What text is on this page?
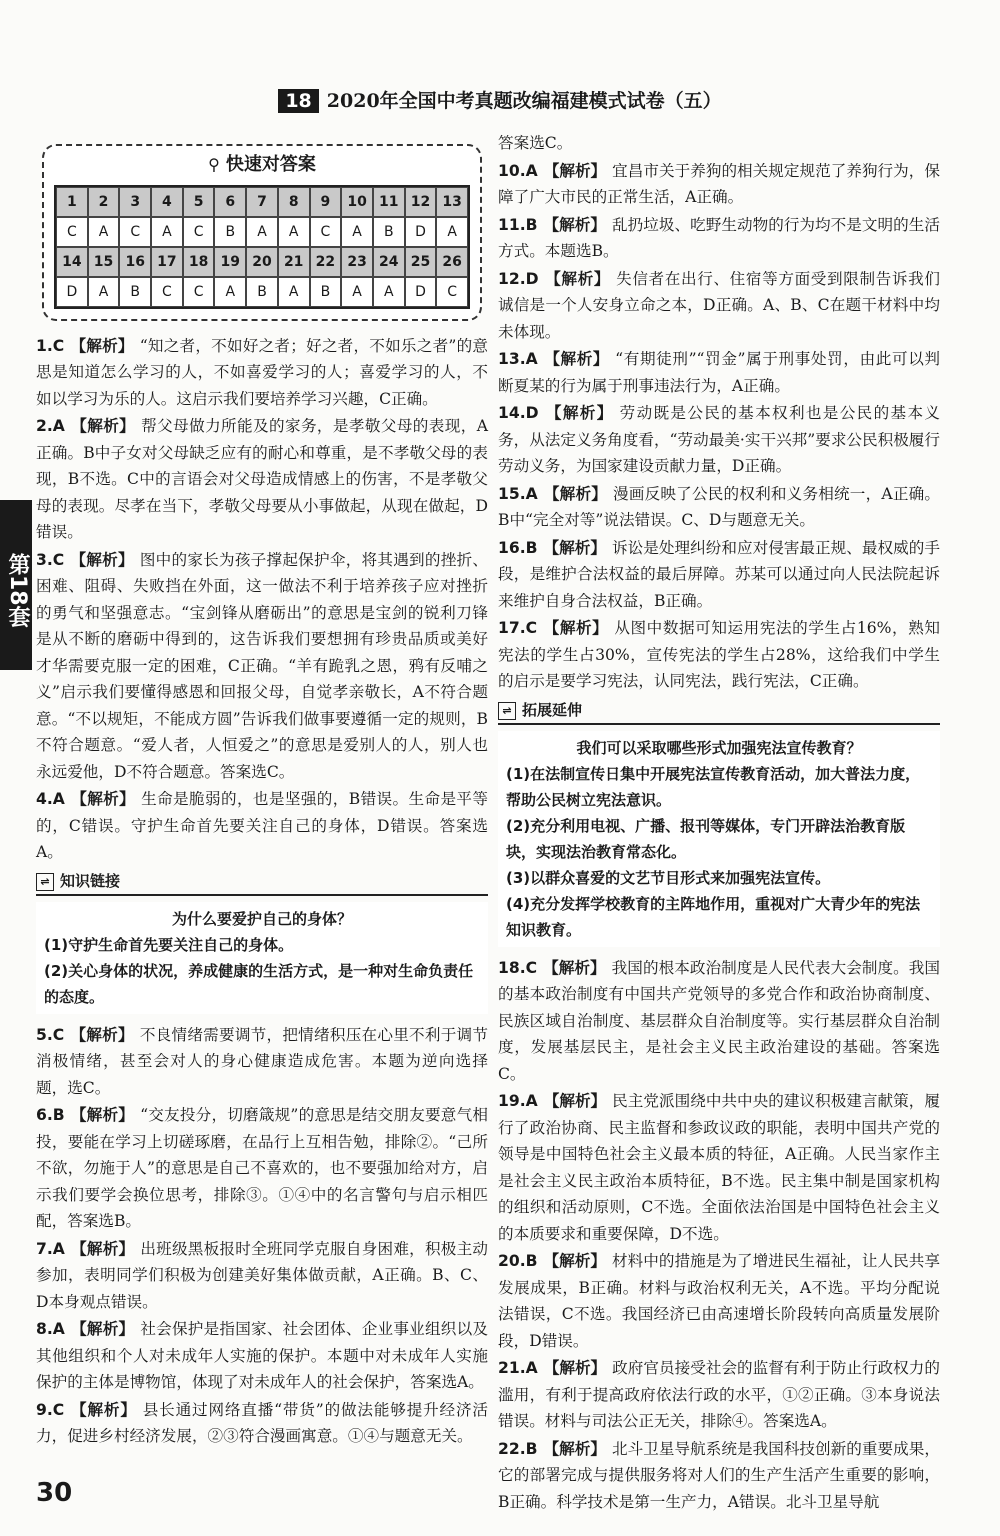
18 2020年全国中考真题改编福建模式试卷（五）
第18套
⚲ 快速对答案
1	2	3	4	5	6	7	8	9	10 11 12 13
C	A	C	A	C	B	A	A	C	A	B	D	A
14 15 16 17 18 19 20 21 22 23 24 25 26
D	A	B	C	C	A	B	A	B	A	A	D	C
1.C 【解析】 “知之者，不如好之者；好之者，不如乐之者”的意思是知道怎么学习的人，不如喜爱学习的人；喜爱学习的人，不如以学习为乐的人。这启示我们要培养学习兴趣，C正确。
2.A 【解析】 帮父母做力所能及的家务，是孝敬父母的表现，A正确。B中子女对父母缺乏应有的耐心和尊重，是不孝敬父母的表现，B不选。C中的言语会对父母造成情感上的伤害，不是孝敬父母的表现。尽孝在当下，孝敬父母要从小事做起，从现在做起，D错误。
3.C 【解析】 图中的家长为孩子撑起保护伞，将其遇到的挫折、困难、阻碍、失败挡在外面，这一做法不利于培养孩子应对挫折的勇气和坚强意志。“宝剑锋从磨砺出”的意思是宝剑的锐利刀锋是从不断的磨砺中得到的，这告诉我们要想拥有珍贵品质或美好才华需要克服一定的困难，C正确。“羊有跪乳之恩，鸦有反哺之义”启示我们要懂得感恩和回报父母，自觉孝亲敬长，A不符合题意。“不以规矩，不能成方圆”告诉我们做事要遵循一定的规则，B不符合题意。“爱人者，人恒爱之”的意思是爱别人的人，别人也永远爱他，D不符合题意。答案选C。
4.A 【解析】 生命是脆弱的，也是坚强的，B错误。生命是平等的，C错误。守护生命首先要关注自己的身体，D错误。答案选A。
⇌ 知识链接
为什么要爱护自己的身体？
(1)守护生命首先要关注自己的身体。
(2)关心身体的状况，养成健康的生活方式，是一种对生命负责任的态度。
5.C 【解析】 不良情绪需要调节，把情绪积压在心里不利于调节消极情绪，甚至会对人的身心健康造成危害。本题为逆向选择题，选C。
6.B 【解析】 “交友投分，切磨箴规”的意思是结交朋友要意气相投，要能在学习上切磋琢磨，在品行上互相告勉，排除②。“己所不欲，勿施于人”的意思是自己不喜欢的，也不要强加给对方，启示我们要学会换位思考，排除③。①④中的名言警句与启示相匹配，答案选B。
7.A 【解析】 出班级黑板报时全班同学克服自身困难，积极主动参加，表明同学们积极为创建美好集体做贡献，A正确。B、C、D本身观点错误。
8.A 【解析】 社会保护是指国家、社会团体、企业事业组织以及其他组织和个人对未成年人实施的保护。本题中对未成年人实施保护的主体是博物馆，体现了对未成年人的社会保护，答案选A。
9.C 【解析】 县长通过网络直播“带货”的做法能够提升经济活力，促进乡村经济发展，②③符合漫画寓意。①④与题意无关。
答案选C。
10.A 【解析】 宜昌市关于养狗的相关规定规范了养狗行为，保障了广大市民的正常生活，A正确。
11.B 【解析】 乱扔垃圾、吃野生动物的行为均不是文明的生活方式。本题选B。
12.D 【解析】 失信者在出行、住宿等方面受到限制告诉我们诚信是一个人安身立命之本，D正确。A、B、C在题干材料中均未体现。
13.A 【解析】 “有期徒刑”“罚金”属于刑事处罚，由此可以判断夏某的行为属于刑事违法行为，A正确。
14.D 【解析】 劳动既是公民的基本权利也是公民的基本义务，从法定义务角度看，“劳动最美·实干兴邦”要求公民积极履行劳动义务，为国家建设贡献力量，D正确。
15.A 【解析】 漫画反映了公民的权利和义务相统一，A正确。B中“完全对等”说法错误。C、D与题意无关。
16.B 【解析】 诉讼是处理纠纷和应对侵害最正规、最权威的手段，是维护合法权益的最后屏障。苏某可以通过向人民法院起诉来维护自身合法权益，B正确。
17.C 【解析】 从图中数据可知运用宪法的学生占16%，熟知宪法的学生占30%，宣传宪法的学生占28%，这给我们中学生的启示是要学习宪法，认同宪法，践行宪法，C正确。
⇌ 拓展延伸
我们可以采取哪些形式加强宪法宣传教育？
(1)在法制宣传日集中开展宪法宣传教育活动，加大普法力度，帮助公民树立宪法意识。
(2)充分利用电视、广播、报刊等媒体，专门开辟法治教育版块，实现法治教育常态化。
(3)以群众喜爱的文艺节目形式来加强宪法宣传。
(4)充分发挥学校教育的主阵地作用，重视对广大青少年的宪法知识教育。
18.C 【解析】 我国的根本政治制度是人民代表大会制度。我国的基本政治制度有中国共产党领导的多党合作和政治协商制度、民族区域自治制度、基层群众自治制度等。实行基层群众自治制度，发展基层民主，是社会主义民主政治建设的基础。答案选C。
19.A 【解析】 民主党派围绕中共中央的建议积极建言献策，履行了政治协商、民主监督和参政议政的职能，表明中国共产党的领导是中国特色社会主义最本质的特征，A正确。人民当家作主是社会主义民主政治本质特征，B不选。民主集中制是国家机构的组织和活动原则，C不选。全面依法治国是中国特色社会主义的本质要求和重要保障，D不选。
20.B 【解析】 材料中的措施是为了增进民生福祉，让人民共享发展成果，B正确。材料与政治权利无关，A不选。平均分配说法错误，C不选。我国经济已由高速增长阶段转向高质量发展阶段，D错误。
21.A 【解析】 政府官员接受社会的监督有利于防止行政权力的滥用，有利于提高政府依法行政的水平，①②正确。③本身说法错误。材料与司法公正无关，排除④。答案选A。
22.B 【解析】 北斗卫星导航系统是我国科技创新的重要成果，它的部署完成与提供服务将对人们的生产生活产生重要的影响，B正确。科学技术是第一生产力，A错误。北斗卫星导航
30
